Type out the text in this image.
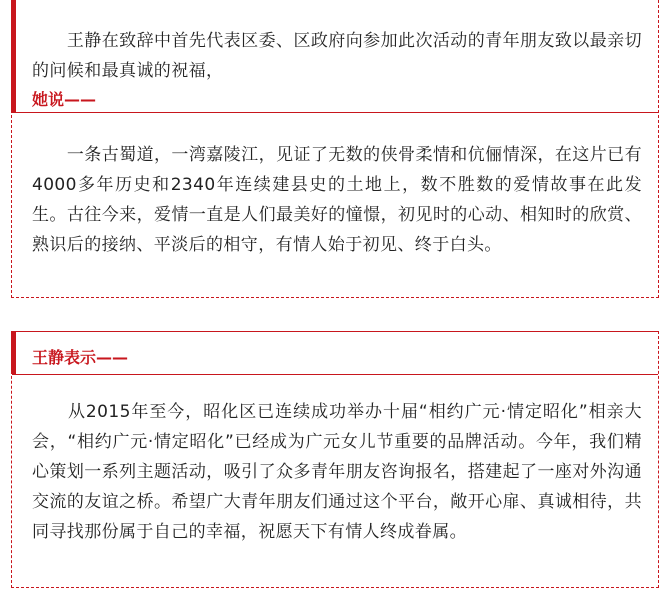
　　王静在致辞中首先代表区委、区政府向参加此次活动的青年朋友致以最亲切的问候和最真诚的祝福，

她说——

　　一条古蜀道，一湾嘉陵江，见证了无数的侠骨柔情和伉俪情深，在这片已有4000多年历史和2340年连续建县史的土地上，数不胜数的爱情故事在此发生。古往今来，爱情一直是人们最美好的憧憬，初见时的心动、相知时的欣赏、熟识后的接纳、平淡后的相守，有情人始于初见、终于白头。

王静表示——

　　从2015年至今，昭化区已连续成功举办十届“相约广元·情定昭化”相亲大会，“相约广元·情定昭化”已经成为广元女儿节重要的品牌活动。今年，我们精心策划一系列主题活动，吸引了众多青年朋友咨询报名，搭建起了一座对外沟通交流的友谊之桥。希望广大青年朋友们通过这个平台，敞开心扉、真诚相待，共同寻找那份属于自己的幸福，祝愿天下有情人终成眷属。
